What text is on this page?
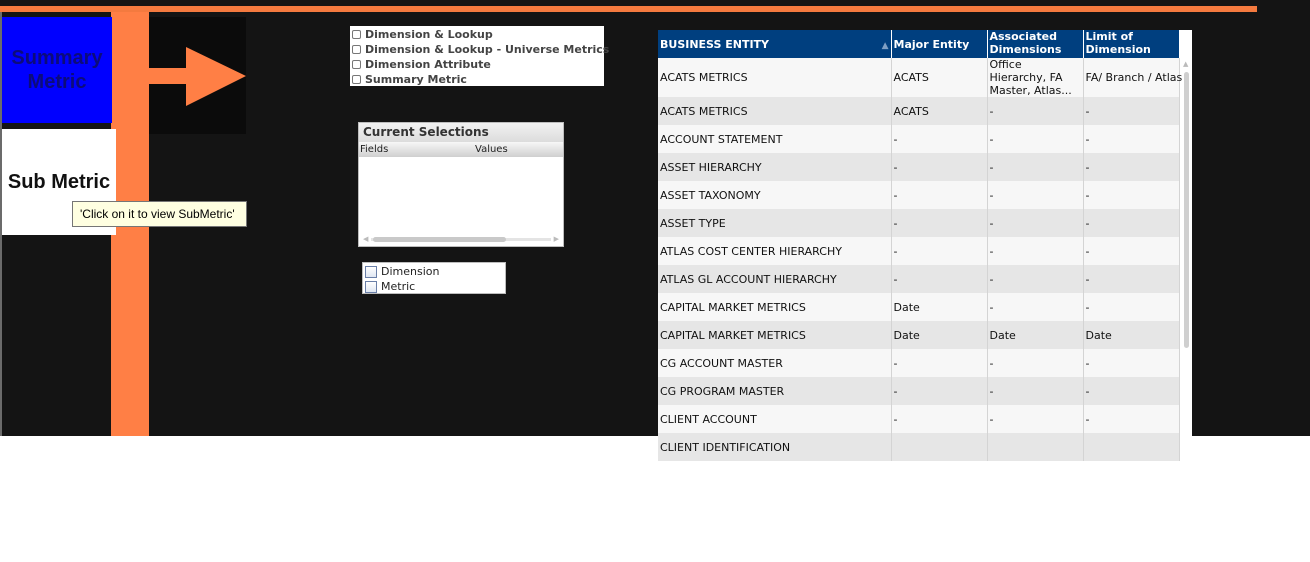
Summary Metric
Sub Metric
'Click on it to view SubMetric'
Dimension & Lookup
Dimension & Lookup - Universe Metrics
Dimension Attribute
Summary Metric
Current Selections
Fields	Values
◀	▶
Dimension
Metric
BUSINESS ENTITY ▲	Major Entity	Associated Dimensions	Limit of Dimension
ACATS METRICS	ACATS	Office Hierarchy, FA Master, Atlas...	FA/ Branch / Atlas
ACATS METRICS	ACATS	-	-
ACCOUNT STATEMENT	-	-	-
ASSET HIERARCHY	-	-	-
ASSET TAXONOMY	-	-	-
ASSET TYPE	-	-	-
ATLAS COST CENTER HIERARCHY	-	-	-
ATLAS GL ACCOUNT HIERARCHY	-	-	-
CAPITAL MARKET METRICS	Date	-	-
CAPITAL MARKET METRICS	Date	Date	Date
CG ACCOUNT MASTER	-	-	-
CG PROGRAM MASTER	-	-	-
CLIENT ACCOUNT	-	-	-
CLIENT IDENTIFICATION			
▲
